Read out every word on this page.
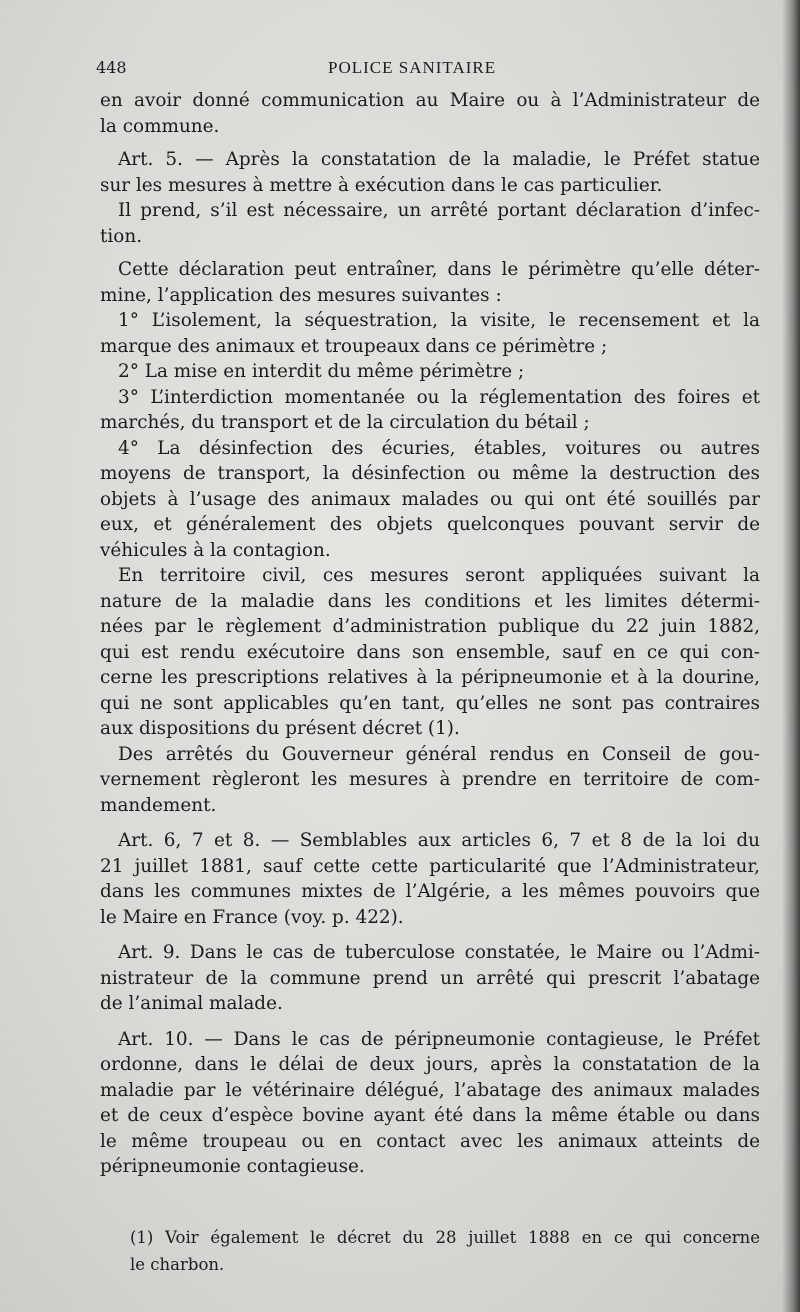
448	POLICE SANITAIRE
en avoir donné communication au Maire ou à l’Administrateur de
la commune.
Art. 5. — Après la constatation de la maladie, le Préfet statue
sur les mesures à mettre à exécution dans le cas particulier.
Il prend, s’il est nécessaire, un arrêté portant déclaration d’infec-
tion.
Cette déclaration peut entraîner, dans le périmètre qu’elle déter-
mine, l’application des mesures suivantes :
1° L’isolement, la séquestration, la visite, le recensement et la
marque des animaux et troupeaux dans ce périmètre ;
2° La mise en interdit du même périmètre ;
3° L’interdiction momentanée ou la réglementation des foires et
marchés, du transport et de la circulation du bétail ;
4° La désinfection des écuries, étables, voitures ou autres
moyens de transport, la désinfection ou même la destruction des
objets à l’usage des animaux malades ou qui ont été souillés par
eux, et généralement des objets quelconques pouvant servir de
véhicules à la contagion.
En territoire civil, ces mesures seront appliquées suivant la
nature de la maladie dans les conditions et les limites détermi-
nées par le règlement d’administration publique du 22 juin 1882,
qui est rendu exécutoire dans son ensemble, sauf en ce qui con-
cerne les prescriptions relatives à la péripneumonie et à la dourine,
qui ne sont applicables qu’en tant, qu’elles ne sont pas contraires
aux dispositions du présent décret (1).
Des arrêtés du Gouverneur général rendus en Conseil de gou-
vernement règleront les mesures à prendre en territoire de com-
mandement.
Art. 6, 7 et 8. — Semblables aux articles 6, 7 et 8 de la loi du
21 juillet 1881, sauf cette cette particularité que l’Administrateur,
dans les communes mixtes de l’Algérie, a les mêmes pouvoirs que
le Maire en France (voy. p. 422).
Art. 9. Dans le cas de tuberculose constatée, le Maire ou l’Admi-
nistrateur de la commune prend un arrêté qui prescrit l’abatage
de l’animal malade.
Art. 10. — Dans le cas de péripneumonie contagieuse, le Préfet
ordonne, dans le délai de deux jours, après la constatation de la
maladie par le vétérinaire délégué, l’abatage des animaux malades
et de ceux d’espèce bovine ayant été dans la même étable ou dans
le même troupeau ou en contact avec les animaux atteints de
péripneumonie contagieuse.
(1) Voir également le décret du 28 juillet 1888 en ce qui concerne
le charbon.
